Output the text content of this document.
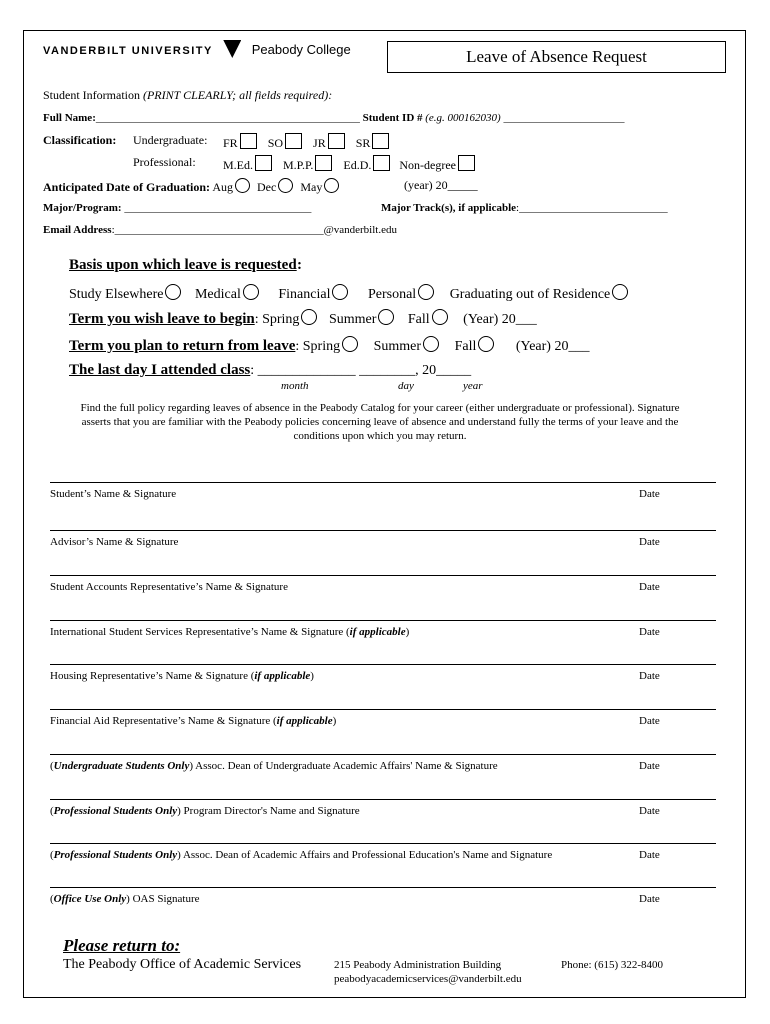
VANDERBILT UNIVERSITY	Peabody College	Leave of Absence Request
Student Information (PRINT CLEARLY; all fields required):
Full Name:________________________________________________ Student ID # (e.g. 000162030) ______________________
Classification: Undergraduate: FR	SO	JR	SR
Professional: M.Ed.	M.P.P.	Ed.D. Non-degree
Anticipated Date of Graduation: Aug Dec May	(year) 20_____
Major/Program: __________________________________	Major Track(s), if applicable:___________________________
Email Address:______________________________________@vanderbilt.edu
Basis upon which leave is requested :
Study Elsewhere Medical	Financial	Personal Graduating out of Residence
Term you wish leave to begin: Spring Summer Fall (Year) 20___
Term you plan to return from leave: Spring Summer Fall	(Year) 20___
The last day I attended class: ______________ ________, 20_____
month	day	year
Find the full policy regarding leaves of absence in the Peabody Catalog for your career (either undergraduate or professional). Signature asserts that you are familiar with the Peabody policies concerning leave of absence and understand fully the terms of your leave and the conditions upon which you may return.
Student’s Name & Signature	Date
Advisor’s Name & Signature	Date
Student Accounts Representative’s Name & Signature	Date
International Student Services Representative’s Name & Signature (if applicable)	Date
Housing Representative’s Name & Signature (if applicable)	Date
Financial Aid Representative’s Name & Signature (if applicable)	Date
(Undergraduate Students Only) Assoc. Dean of Undergraduate Academic Affairs' Name & Signature	Date
(Professional Students Only) Program Director's Name and Signature	Date
(Professional Students Only) Assoc. Dean of Academic Affairs and Professional Education's Name and Signature	Date
(Office Use Only) OAS Signature	Date
Please return to:
The Peabody Office of Academic Services	215 Peabody Administration Building
peabodyacademicservices@vanderbilt.edu
Phone: (615) 322-8400
